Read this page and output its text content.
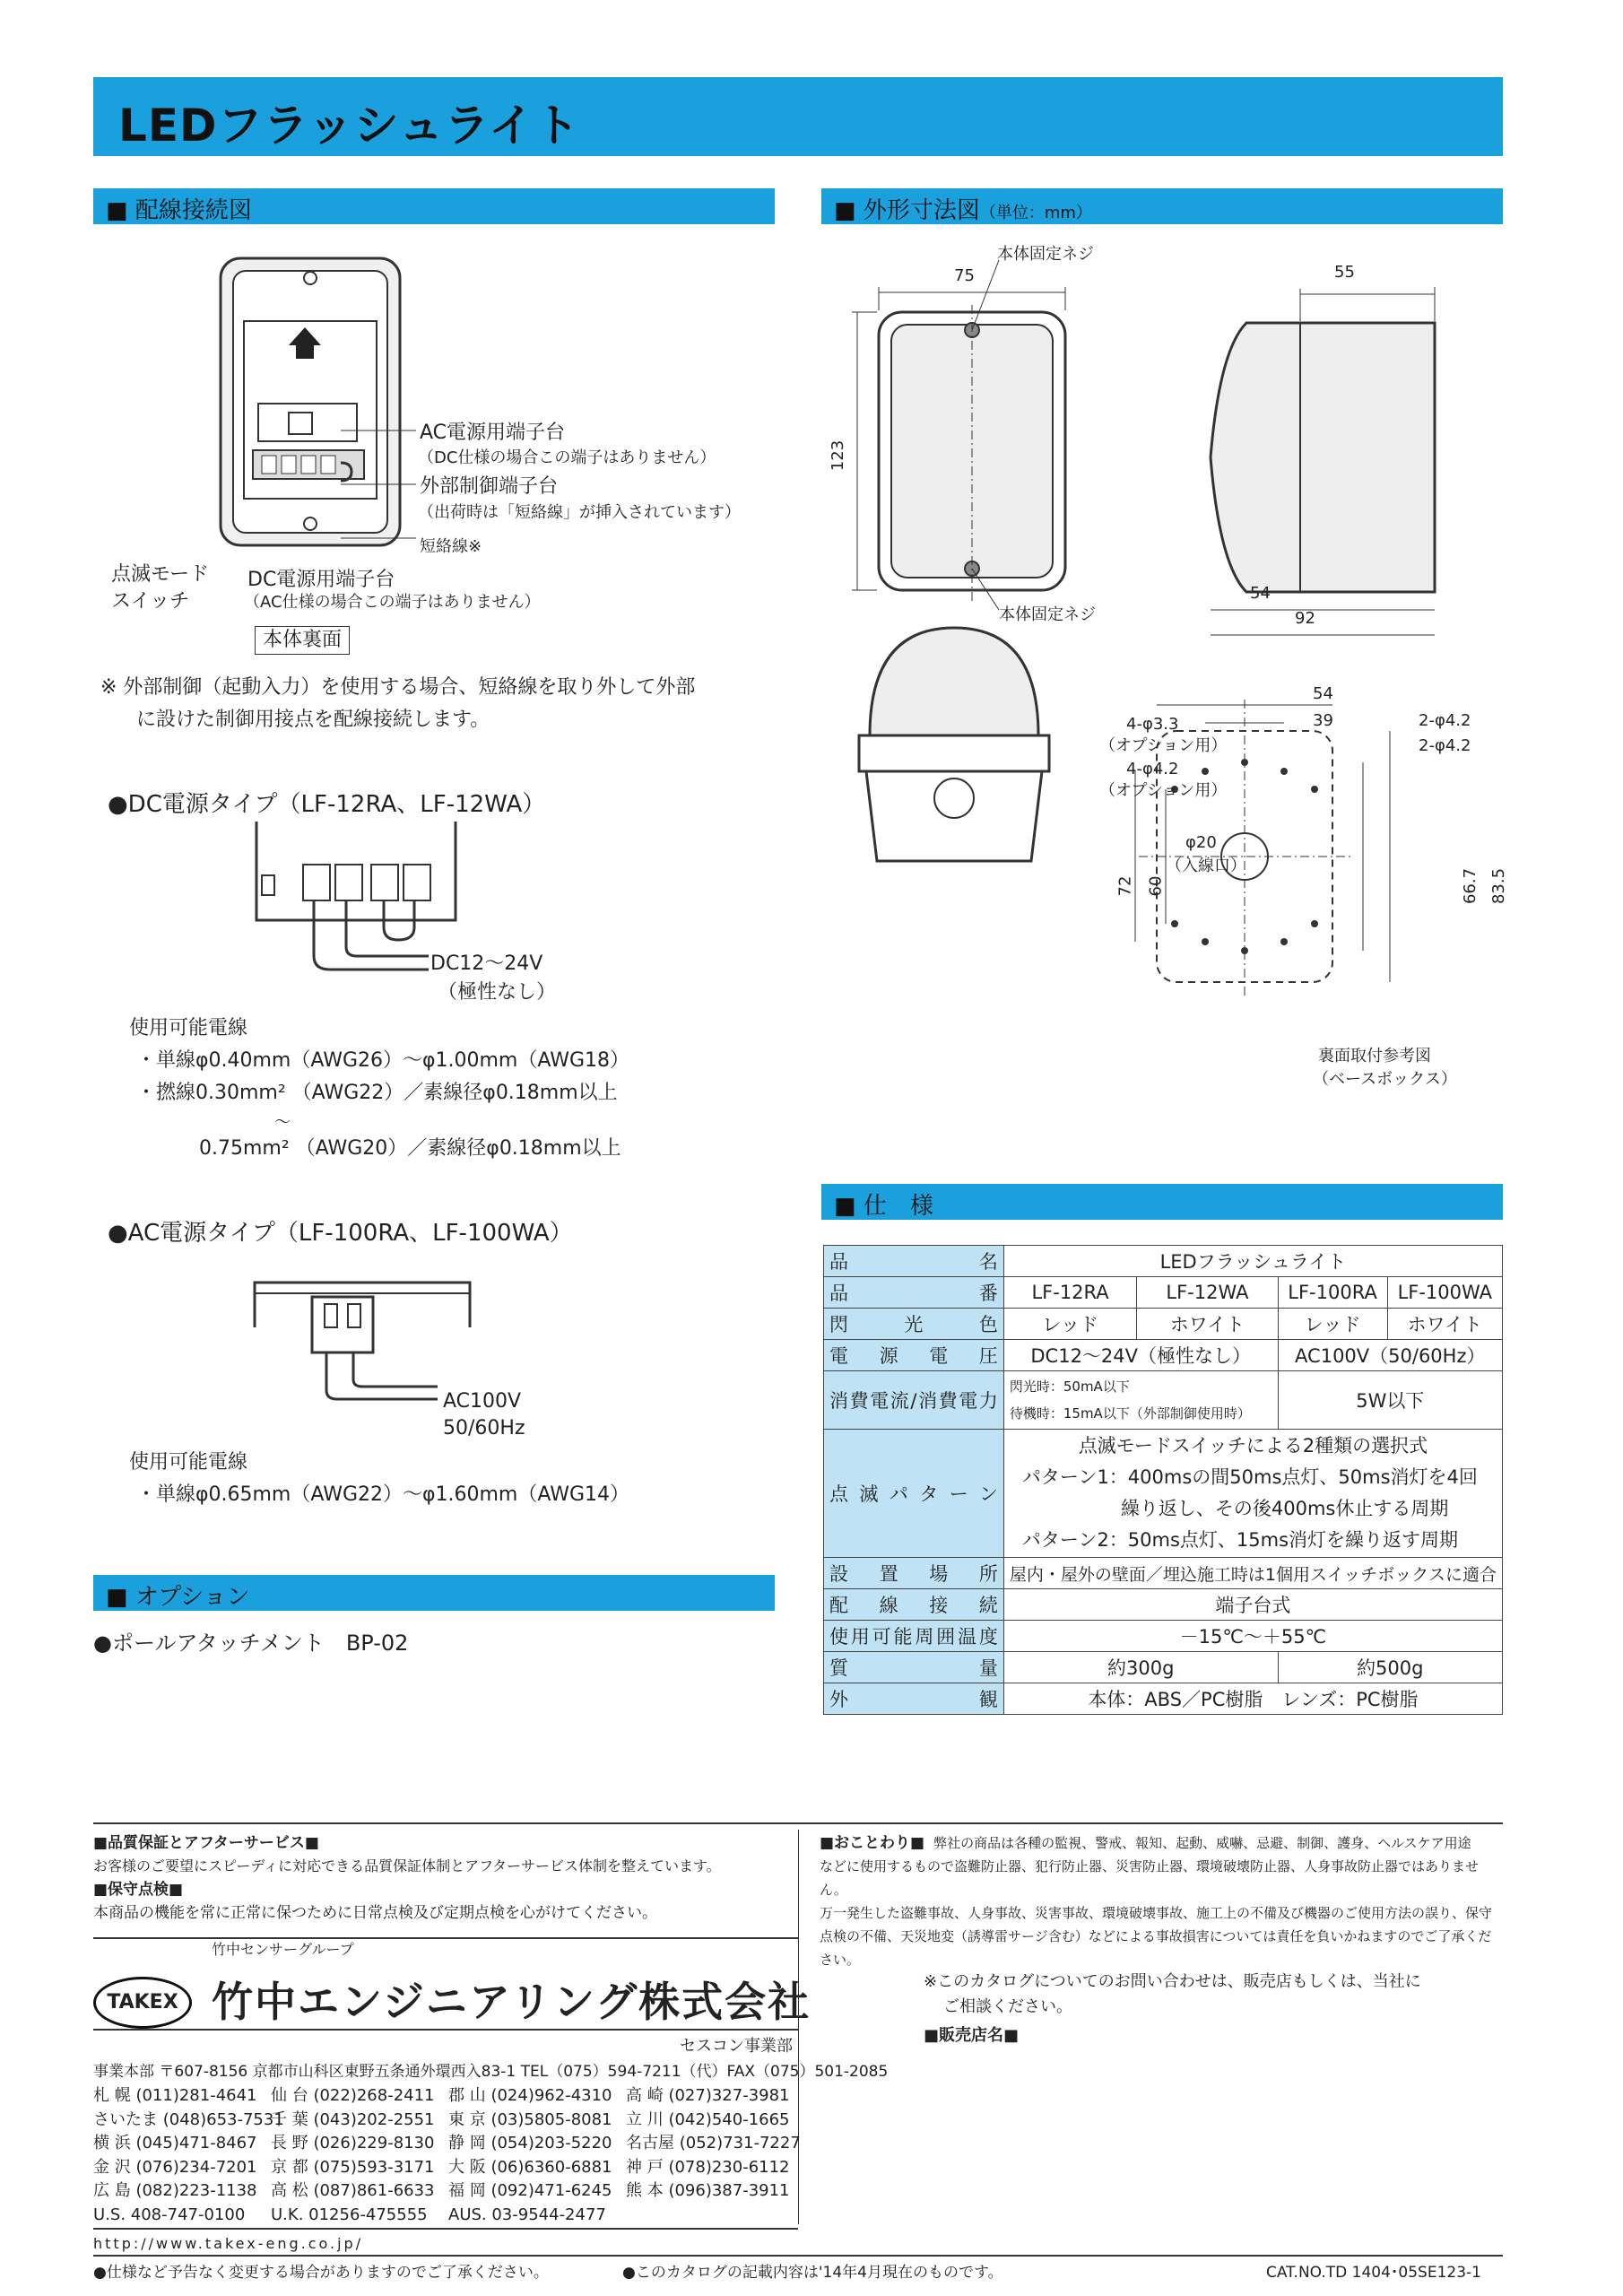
LEDフラッシュライト
■ 配線接続図	■ 外形寸法図（単位：mm）
■ 仕　様
■ オプション
AC電源用端子台
（DC仕様の場合この端子はありません）
外部制御端子台
（出荷時は「短絡線」が挿入されています）
短絡線※
点滅モード
スイッチ
DC電源用端子台
（AC仕様の場合この端子はありません）
本体裏面
※ 外部制御（起動入力）を使用する場合、短絡線を取り外して外部
に設けた制御用接点を配線接続します。
●DC電源タイプ（LF-12RA、LF-12WA）
DC12～24V
（極性なし）
使用可能電線
・単線φ0.40mm（AWG26）～φ1.00mm（AWG18）
・撚線0.30mm² （AWG22）／素線径φ0.18mm以上
〜
0.75mm² （AWG20）／素線径φ0.18mm以上
●AC電源タイプ（LF-100RA、LF-100WA）
AC100V
50/60Hz
使用可能電線
・単線φ0.65mm（AWG22）～φ1.60mm（AWG14）
●ポールアタッチメント　BP-02
本体固定ネジ
75
123
本体固定ネジ
55
54
92
54
39
4-φ3.3
（オプション用）
4-φ4.2
（オプション用）
2-φ4.2
2-φ4.2
φ20
（入線口）
72 60	66.7 83.5
裏面取付参考図
（ベースボックス）
品名	LEDフラッシュライト			
品番	LF-12RA	LF-12WA	LF-100RA	LF-100WA
閃光色	レッド	ホワイト	レッド	ホワイト
電源電圧	DC12～24V（極性なし）		AC100V（50/60Hz）	
消費電流/消費電力	閃光時：50mA以下
待機時：15mA以下（外部制御使用時）		5W以下	
点滅パターン	点滅モードスイッチによる2種類の選択式
パターン1：400msの間50ms点灯、50ms消灯を4回
繰り返し、その後400ms休止する周期
パターン2：50ms点灯、15ms消灯を繰り返す周期			

設置場所	屋内・屋外の壁面／埋込施工時は1個用スイッチボックスに適合			
配線接続	端子台式			
使用可能周囲温度	－15℃～＋55℃			
質量	約300g		約500g	
外観	本体：ABS／PC樹脂　レンズ：PC樹脂			
■品質保証とアフターサービス■
お客様のご要望にスピーディに対応できる品質保証体制とアフターサービス体制を整えています。
■保守点検■
本商品の機能を常に正常に保つために日常点検及び定期点検を心がけてください。
■おことわり■ 弊社の商品は各種の監視、警戒、報知、起動、威嚇、忌避、制御、護身、ヘルスケア用途
などに使用するもので盗難防止器、犯行防止器、災害防止器、環境破壊防止器、人身事故防止器ではありません。
万一発生した盗難事故、人身事故、災害事故、環境破壊事故、施工上の不備及び機器のご使用方法の誤り、保守
点検の不備、天災地変（誘導雷サージ含む）などによる事故損害については責任を負いかねますのでご了承ください。
竹中センサーグループ
TAKEX 竹中エンジニアリング株式会社
セスコン事業部
事業本部 〒607-8156 京都市山科区東野五条通外環西入83-1 TEL（075）594-7211（代）FAX（075）501-2085
札 幌 (011)281-4641 仙 台 (022)268-2411 郡 山 (024)962-4310 高 崎 (027)327-3981
さいたま (048)653-7531千 葉 (043)202-2551 東 京 (03)5805-8081 立 川 (042)540-1665
横 浜 (045)471-8467 長 野 (026)229-8130 静 岡 (054)203-5220 名古屋 (052)731-7227
金 沢 (076)234-7201 京 都 (075)593-3171 大 阪 (06)6360-6881 神 戸 (078)230-6112
広 島 (082)223-1138 高 松 (087)861-6633 福 岡 (092)471-6245 熊 本 (096)387-3911
U.S. 408-747-0100 U.K. 01256-475555 AUS. 03-9544-2477
http://www.takex-eng.co.jp/
※このカタログについてのお問い合わせは、販売店もしくは、当社に
ご相談ください。
■販売店名■
●仕様など予告なく変更する場合がありますのでご了承ください。	●このカタログの記載内容は'14年4月現在のものです。	CAT.NO.TD 1404･05SE123-1
